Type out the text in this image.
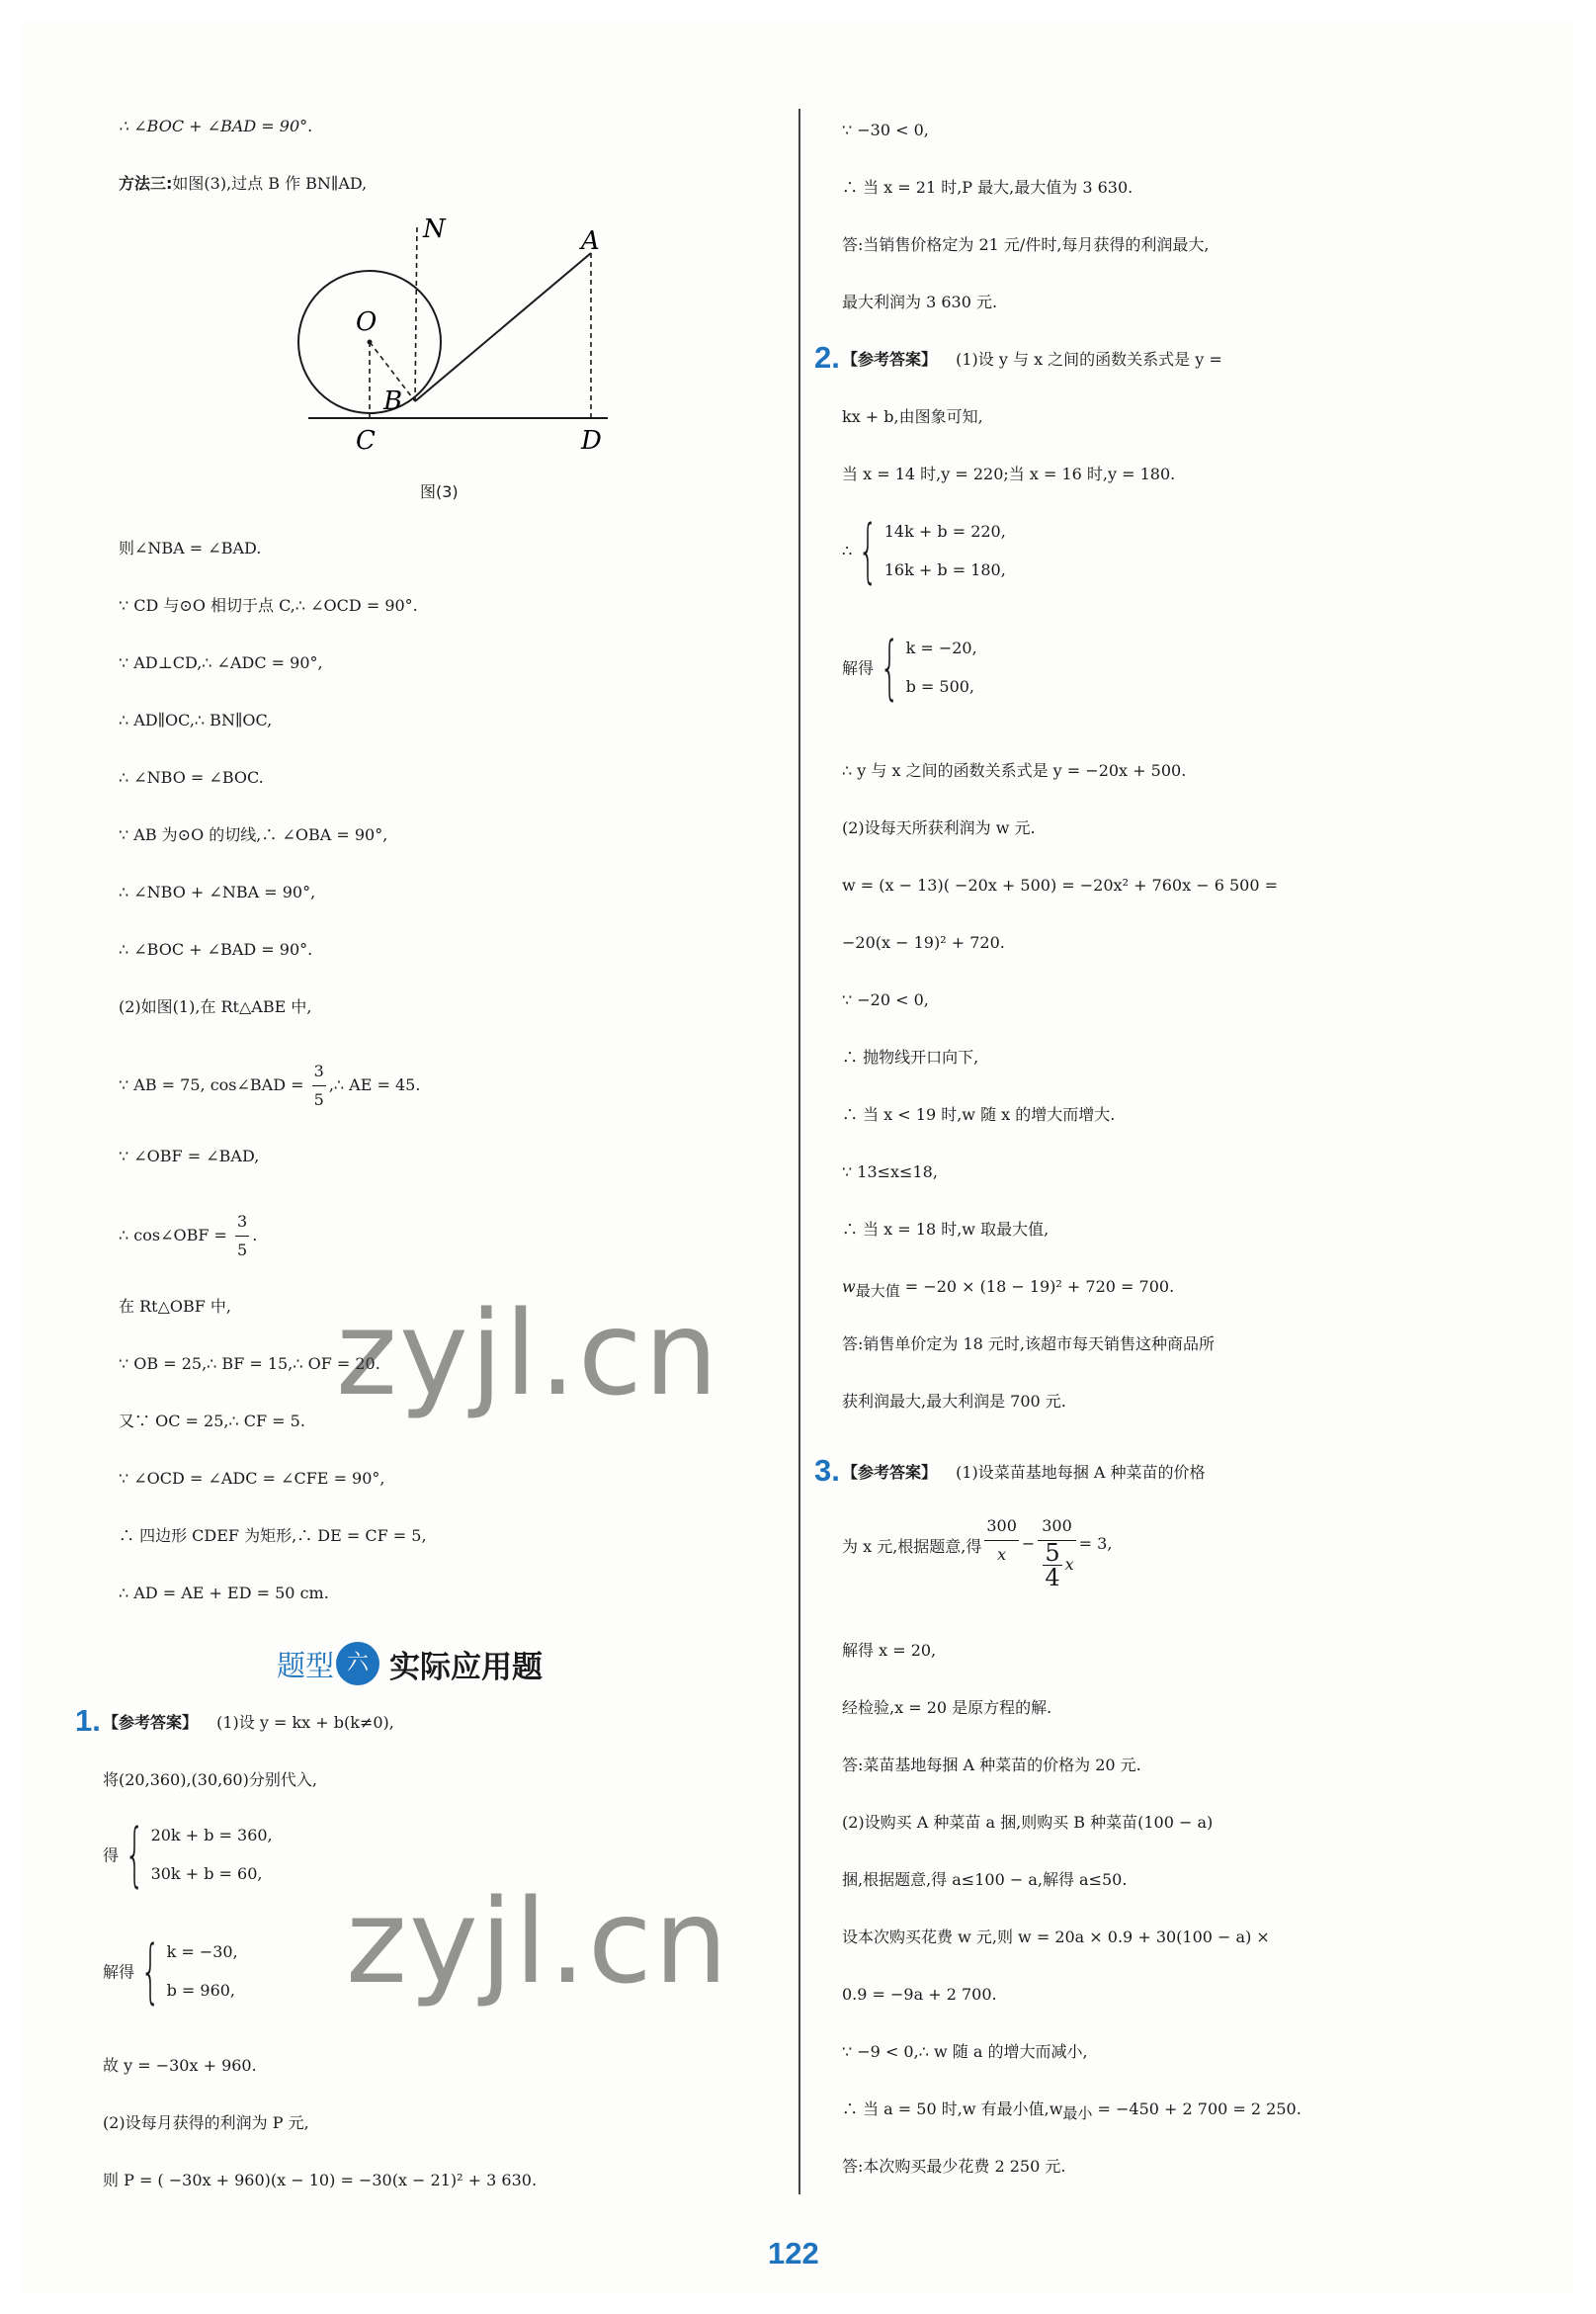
∴ ∠BOC + ∠BAD = 90°.
方法三:如图(3),过点 B 作 BN∥AD,
N	A
O
B
C	D
图(3)
则∠NBA = ∠BAD.
∵ CD 与⊙O 相切于点 C,∴ ∠OCD = 90°.
∵ AD⊥CD,∴ ∠ADC = 90°,
∴ AD∥OC,∴ BN∥OC,
∴ ∠NBO = ∠BOC.
∵ AB 为⊙O 的切线,∴ ∠OBA = 90°,
∴ ∠NBO + ∠NBA = 90°,
∴ ∠BOC + ∠BAD = 90°.
(2)如图(1),在 Rt△ABE 中,
∵ AB = 75, cos∠BAD = $\frac{3}{5}$ ,∴ AE = 45.
∵ ∠OBF = ∠BAD,
∴ cos∠OBF = $\frac{3}{5}$ .
在 Rt△OBF 中,
∵ OB = 25,∴ BF = 15,∴ OF = 20.
又∵ OC = 25,∴ CF = 5.
∵ ∠OCD = ∠ADC = ∠CFE = 90°,
∴ 四边形 CDEF 为矩形,∴ DE = CF = 5,
∴ AD = AE + ED = 50 cm.
题型 六 实际应用题
1. 【参考答案】 (1)设 y = kx + b(k≠0),
将(20,360),(30,60)分别代入,
得{ 20k + b = 360,
30k + b = 60,
解得{ k = −30,
b = 960,
故 y = −30x + 960.
(2)设每月获得的利润为 P 元,
则 P = ( −30x + 960)(x − 10) = −30(x − 21)² + 3 630.
∵ −30 < 0,
∴ 当 x = 21 时,P 最大,最大值为 3 630.
答:当销售价格定为 21 元/件时,每月获得的利润最大,
最大利润为 3 630 元.
2. 【参考答案】 (1)设 y 与 x 之间的函数关系式是 y =
kx + b,由图象可知,
当 x = 14 时,y = 220;当 x = 16 时,y = 180.
∴{ 14k + b = 220,
16k + b = 180,
解得{ k = −20,
b = 500,
∴ y 与 x 之间的函数关系式是 y = −20x + 500.
(2)设每天所获利润为 w 元.
w = (x − 13)( −20x + 500) = −20x² + 760x − 6 500 =
−20(x − 19)² + 720.
∵ −20 < 0,
∴ 抛物线开口向下,
∴ 当 x < 19 时,w 随 x 的增大而增大.
∵ 13≤x≤18,
∴ 当 x = 18 时,w 取最大值,
$w_{最大值} = -20 \times (18 - 19)^2 + 720 = 700$.
答:销售单价定为 18 元时,该超市每天销售这种商品所
获利润最大,最大利润是 700 元.
3. 【参考答案】 (1)设菜苗基地每捆 A 种菜苗的价格
为 x 元,根据题意,得 $\frac{300}{x} - \frac{300}{\frac{5}{4} x} = 3$,
解得 x = 20,
经检验,x = 20 是原方程的解.
答:菜苗基地每捆 A 种菜苗的价格为 20 元.
(2)设购买 A 种菜苗 a 捆,则购买 B 种菜苗(100 − a)
捆,根据题意,得 a≤100 − a,解得 a≤50.
设本次购买花费 w 元,则 w = 20a × 0.9 + 30(100 − a) ×
0.9 = −9a + 2 700.
∵ −9 < 0,∴ w 随 a 的增大而减小,
∴ 当 a = 50 时,w 有最小值$,w_{最小} = -450 + 2$ 700 = 2 250.
答:本次购买最少花费 2 250 元.
zyjl.cn
zyjl.cn
122
